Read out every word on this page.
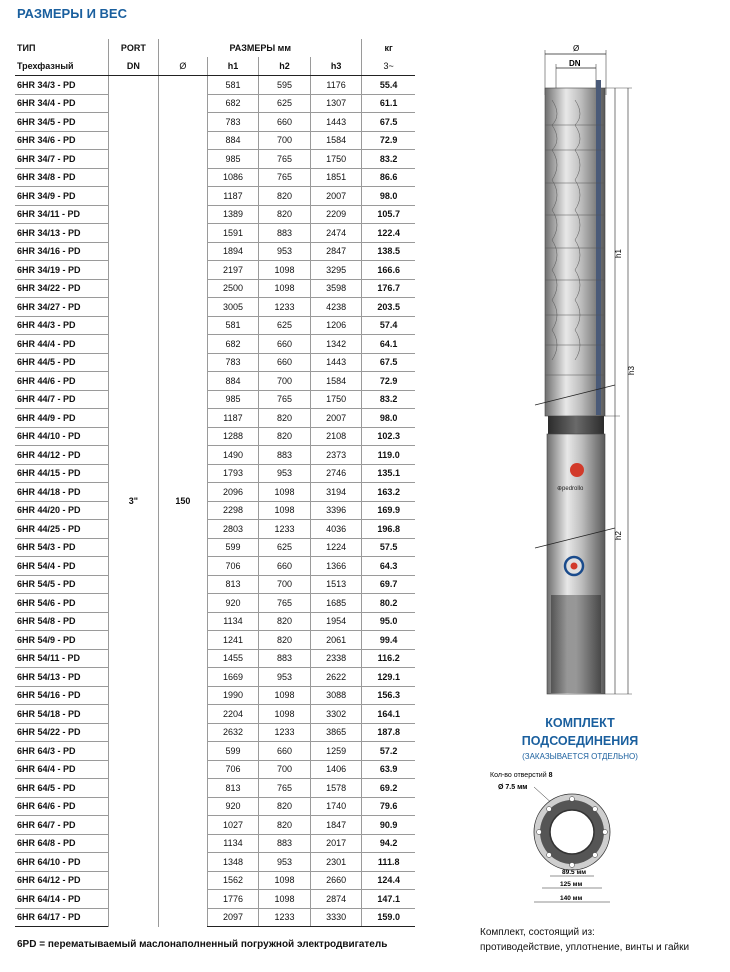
РАЗМЕРЫ И ВЕС
ТИП	PORT	РАЗМЕРЫ мм				кг
Трехфазный	DN	Ø	h1	h2	h3	3~
6HR 34/3 - PD	3"	150	581	595	1176	55.4
6HR 34/4 - PD			682	625	1307	61.1
6HR 34/5 - PD			783	660	1443	67.5
6HR 34/6 - PD			884	700	1584	72.9
6HR 34/7 - PD			985	765	1750	83.2
6HR 34/8 - PD			1086	765	1851	86.6
6HR 34/9 - PD			1187	820	2007	98.0
6HR 34/11 - PD			1389	820	2209	105.7
6HR 34/13 - PD			1591	883	2474	122.4
6HR 34/16 - PD			1894	953	2847	138.5
6HR 34/19 - PD			2197	1098	3295	166.6
6HR 34/22 - PD			2500	1098	3598	176.7
6HR 34/27 - PD			3005	1233	4238	203.5
6HR 44/3 - PD			581	625	1206	57.4
6HR 44/4 - PD			682	660	1342	64.1
6HR 44/5 - PD			783	660	1443	67.5
6HR 44/6 - PD			884	700	1584	72.9
6HR 44/7 - PD			985	765	1750	83.2
6HR 44/9 - PD			1187	820	2007	98.0
6HR 44/10 - PD			1288	820	2108	102.3
6HR 44/12 - PD			1490	883	2373	119.0
6HR 44/15 - PD			1793	953	2746	135.1
6HR 44/18 - PD			2096	1098	3194	163.2
6HR 44/20 - PD			2298	1098	3396	169.9
6HR 44/25 - PD			2803	1233	4036	196.8
6HR 54/3 - PD			599	625	1224	57.5
6HR 54/4 - PD			706	660	1366	64.3
6HR 54/5 - PD			813	700	1513	69.7
6HR 54/6 - PD			920	765	1685	80.2
6HR 54/8 - PD			1134	820	1954	95.0
6HR 54/9 - PD			1241	820	2061	99.4
6HR 54/11 - PD			1455	883	2338	116.2
6HR 54/13 - PD			1669	953	2622	129.1
6HR 54/16 - PD			1990	1098	3088	156.3
6HR 54/18 - PD			2204	1098	3302	164.1
6HR 54/22 - PD			2632	1233	3865	187.8
6HR 64/3 - PD			599	660	1259	57.2
6HR 64/4 - PD			706	700	1406	63.9
6HR 64/5 - PD			813	765	1578	69.2
6HR 64/6 - PD			920	820	1740	79.6
6HR 64/7 - PD			1027	820	1847	90.9
6HR 64/8 - PD			1134	883	2017	94.2
6HR 64/10 - PD			1348	953	2301	111.8
6HR 64/12 - PD			1562	1098	2660	124.4
6HR 64/14 - PD			1776	1098	2874	147.1
6HR 64/17 - PD			2097	1233	3330	159.0
6PD = перематываемый маслонаполненный погружной электродвигатель
Ø
DN
⊕pedrollo
h1
h3
h2
КОМПЛЕКТ
ПОДСОЕДИНЕНИЯ
(ЗАКАЗЫВАЕТСЯ ОТДЕЛЬНО)
Кол-во отверстий 8
Ø 7.5 мм
89.5 мм
125 мм
140 мм
Комплект, состоящий из:
противодействие, уплотнение, винты и гайки
